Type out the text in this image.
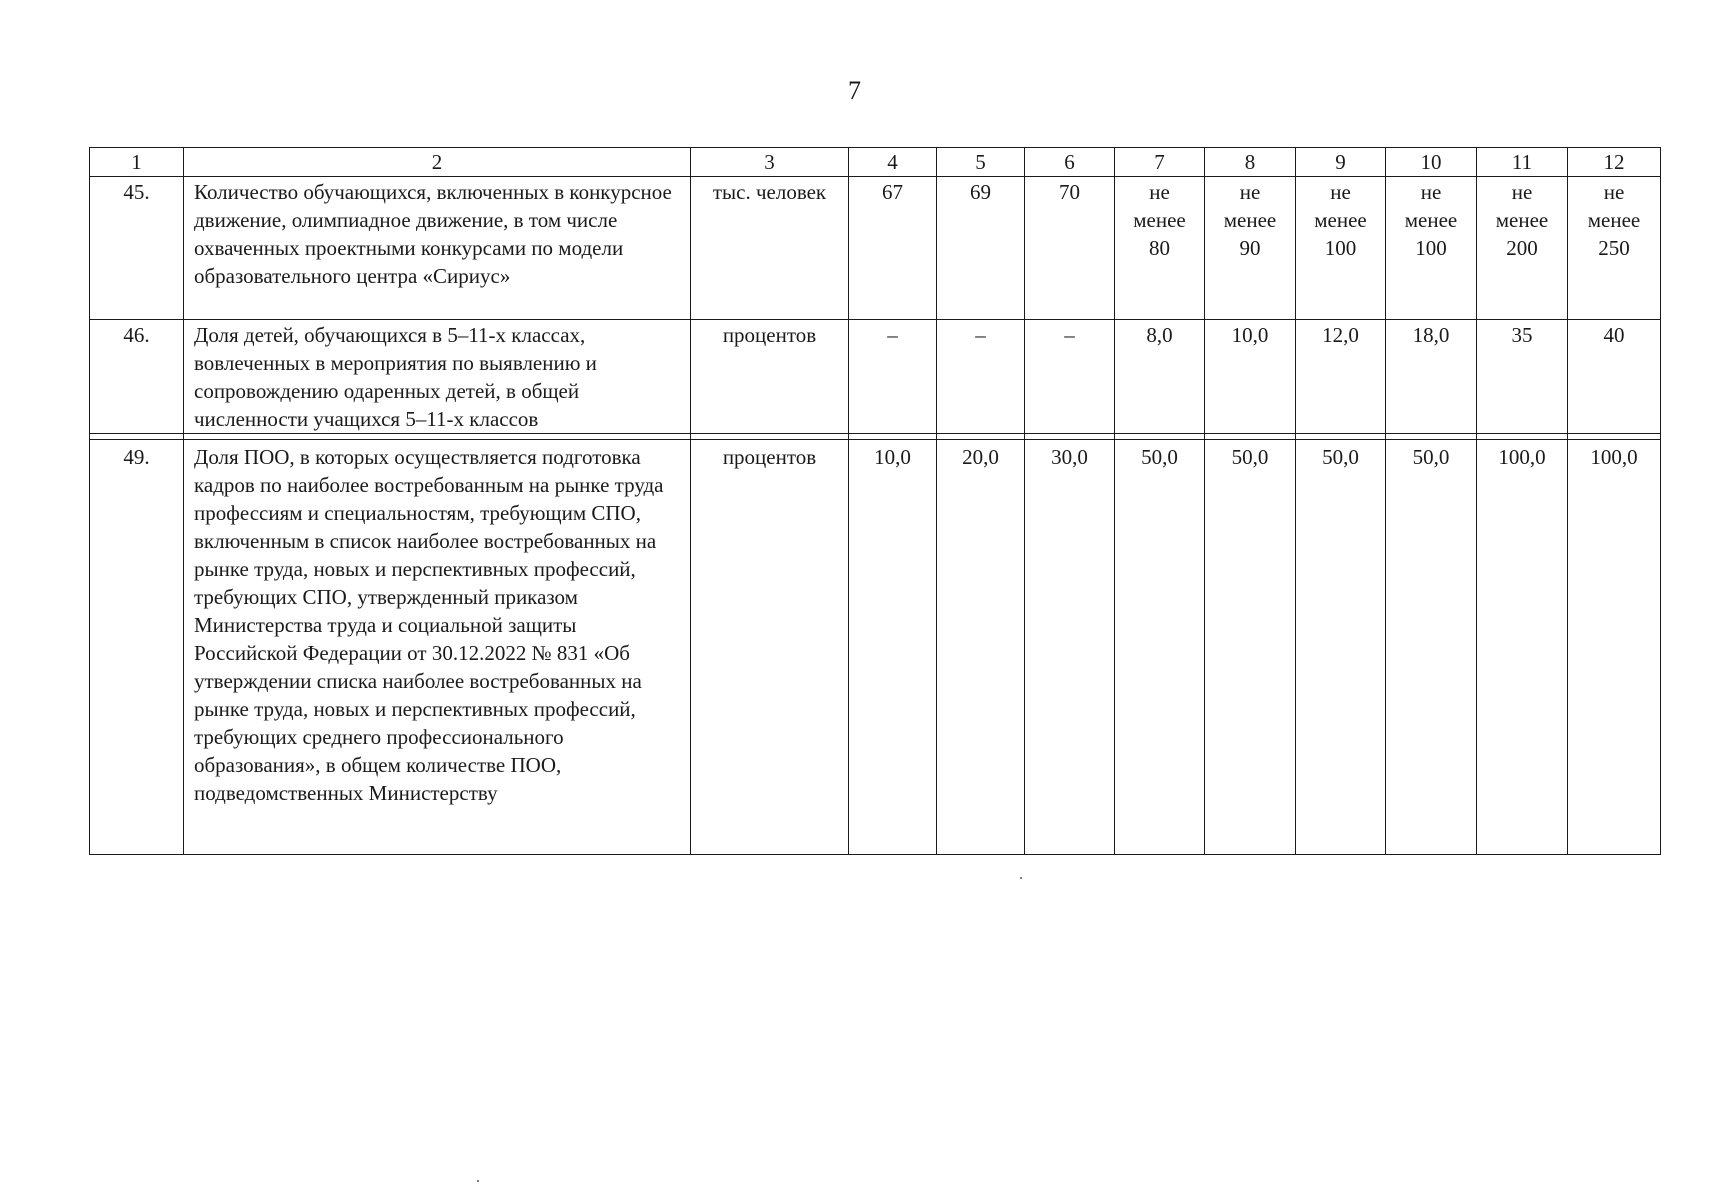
7
1	2	3	4	5	6	7	8	9	10	11	12
45.	Количество обучающихся, включенных в конкурсное движение, олимпиадное движение, в том числе охваченных проектными конкурсами по модели образовательного центра «Сириус»	тыс. человек	67	69	70	не
менее
80	не
менее
90	не
менее
100	не
менее
100	не
менее
200	не
менее
250

46.	Доля детей, обучающихся в 5–11-х классах, вовлеченных в мероприятия по выявлению и сопровождению одаренных детей, в общей численности учащихся 5–11-х классов	процентов	–	–	–	8,0	10,0	12,0	18,0	35	40

49.	Доля ПОО, в которых осуществляется подготовка кадров по наиболее востребованным на рынке труда профессиям и специальностям, требующим СПО, включенным в список наиболее востребованных на рынке труда, новых и перспективных профессий, требующих СПО, утвержденный приказом Министерства труда и социальной защиты Российской Федерации от 30.12.2022 № 831 «Об утверждении списка наиболее востребованных на рынке труда, новых и перспективных профессий, требующих среднего профессионального образования», в общем количестве ПОО, подведомственных Министерству	процентов	10,0	20,0	30,0	50,0	50,0	50,0	50,0	100,0	100,0
